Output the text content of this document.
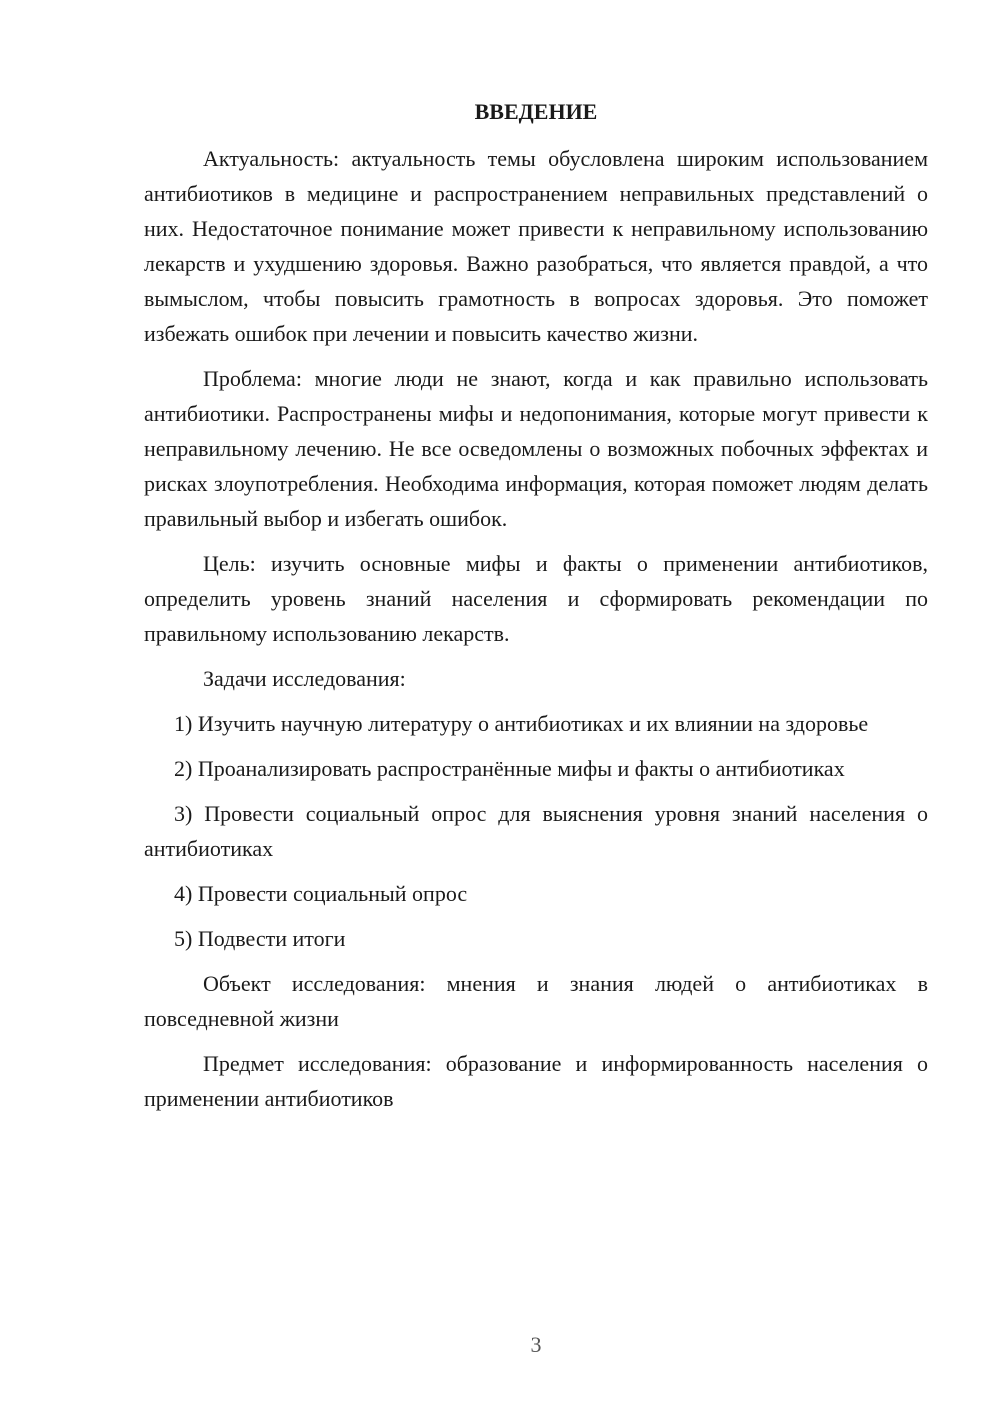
ВВЕДЕНИЕ

Актуальность: актуальность темы обусловлена широким использованием антибиотиков в медицине и распространением неправильных представлений о них. Недостаточное понимание может привести к неправильному использованию лекарств и ухудшению здоровья. Важно разобраться, что является правдой, а что вымыслом, чтобы повысить грамотность в вопросах здоровья. Это поможет избежать ошибок при лечении и повысить качество жизни.

Проблема: многие люди не знают, когда и как правильно использовать антибиотики. Распространены мифы и недопонимания, которые могут привести к неправильному лечению. Не все осведомлены о возможных побочных эффектах и рисках злоупотребления. Необходима информация, которая поможет людям делать правильный выбор и избегать ошибок.

Цель: изучить основные мифы и факты о применении антибиотиков, определить уровень знаний населения и сформировать рекомендации по правильному использованию лекарств.

Задачи исследования:

1) Изучить научную литературу о антибиотиках и их влиянии на здоровье

2) Проанализировать распространённые мифы и факты о антибиотиках

3) Провести социальный опрос для выяснения уровня знаний населения о антибиотиках

4) Провести социальный опрос

5) Подвести итоги

Объект исследования: мнения и знания людей о антибиотиках в повседневной жизни

Предмет исследования: образование и информированность населения о применении антибиотиков

3
